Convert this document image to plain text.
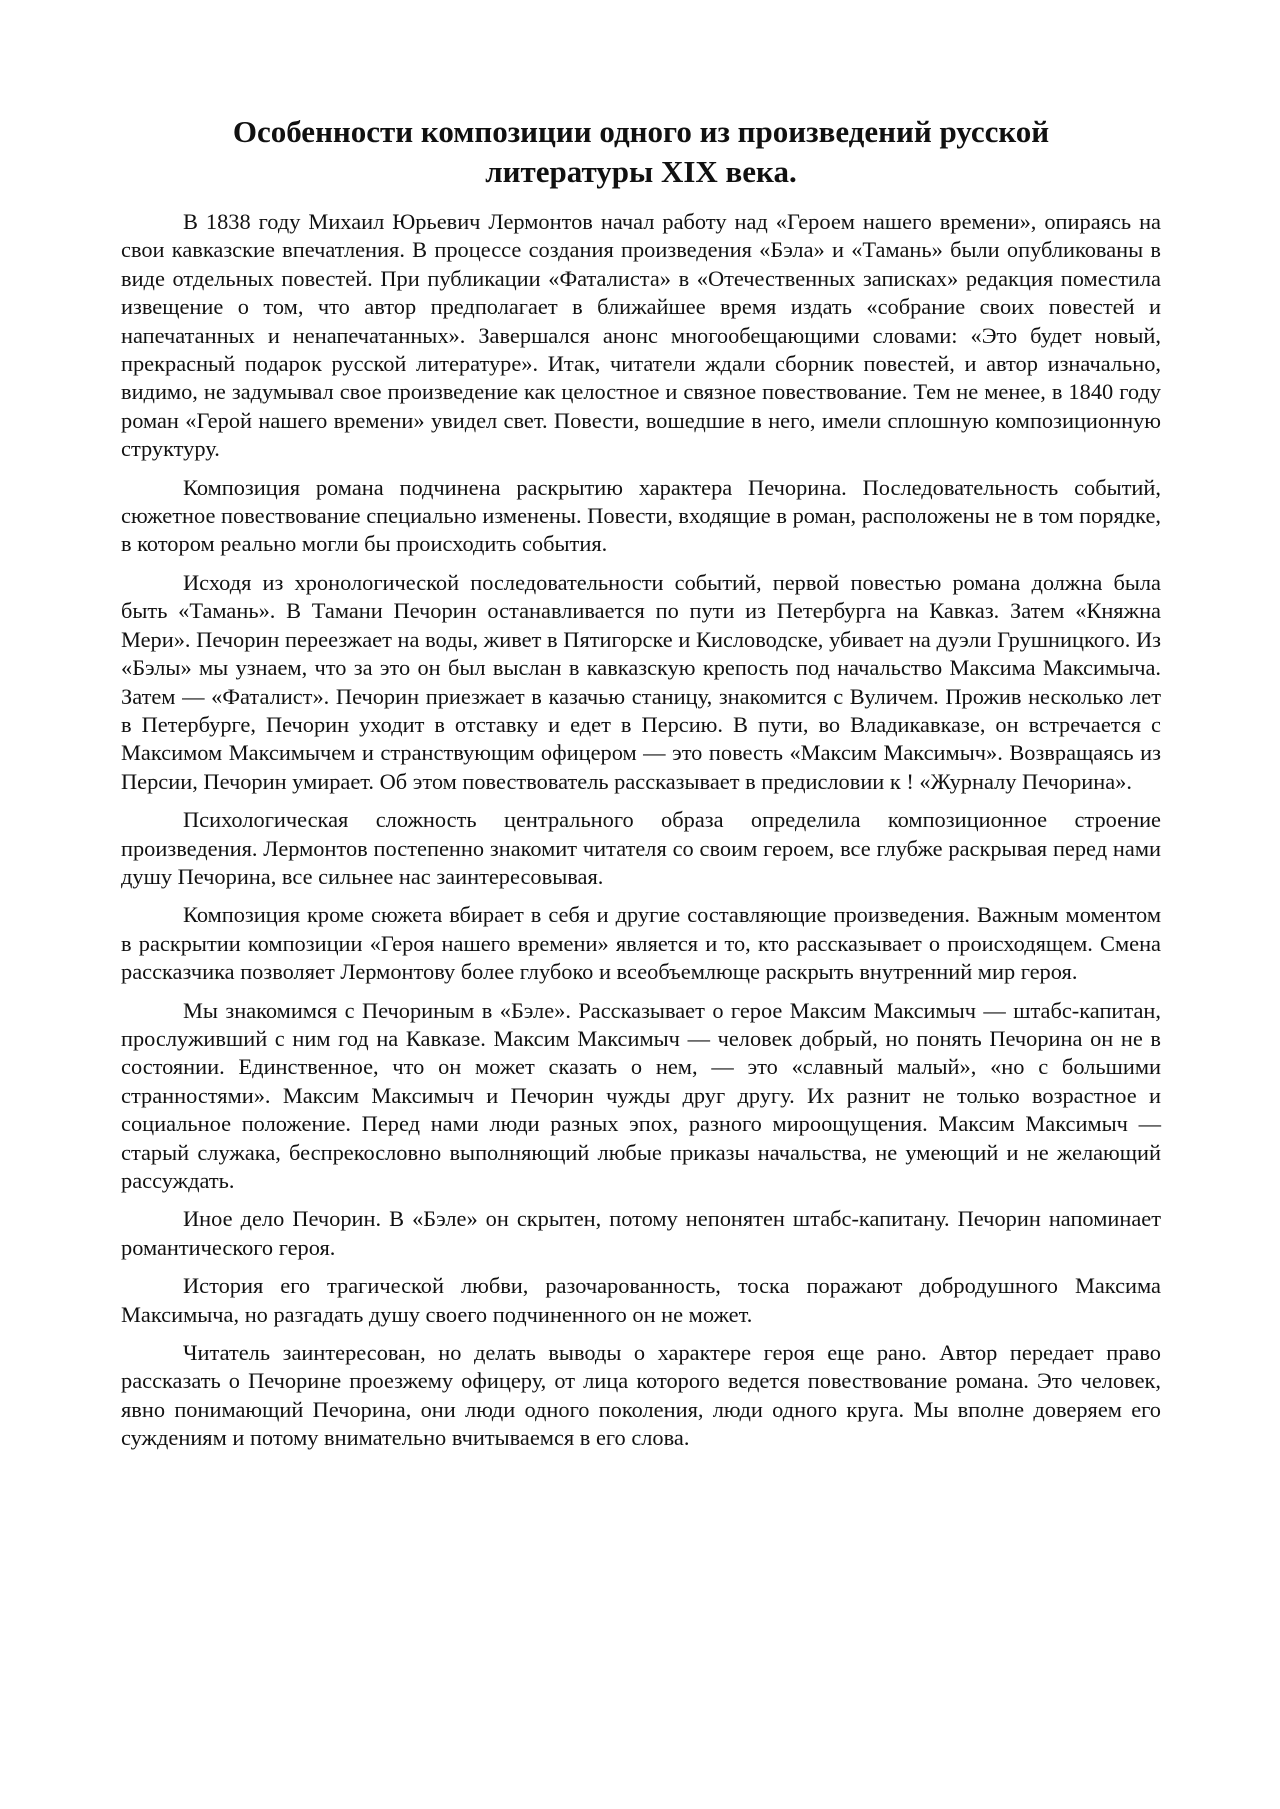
Особенности композиции одного из произведений русской
литературы XIX века.

В 1838 году Михаил Юрьевич Лермонтов начал работу над «Героем нашего времени», опираясь на свои кавказские впечатления. В процессе создания произведения «Бэла» и «Тамань» были опубликованы в виде отдельных повестей. При публикации «Фаталиста» в «Отечественных записках» редакция поместила извещение о том, что автор предполагает в ближайшее время издать «собрание своих повестей и напечатанных и ненапечатанных». Завершался анонс многообещающими словами: «Это будет новый, прекрасный подарок русской литературе». Итак, читатели ждали сборник повестей, и автор изначально, видимо, не задумывал свое произведение как целостное и связное повествование. Тем не менее, в 1840 году роман «Герой нашего времени» увидел свет. Повести, вошедшие в него, имели сплошную композиционную структуру.

Композиция романа подчинена раскрытию характера Печорина. Последовательность событий, сюжетное повествование специально изменены. Повести, входящие в роман, расположены не в том порядке, в котором реально могли бы происходить события.

Исходя из хронологической последовательности событий, первой повестью романа должна была быть «Тамань». В Тамани Печорин останавливается по пути из Петербурга на Кавказ. Затем «Княжна Мери». Печорин переезжает на воды, живет в Пятигорске и Кисловодске, убивает на дуэли Грушницкого. Из «Бэлы» мы узнаем, что за это он был выслан в кавказскую крепость под начальство Максима Максимыча. Затем — «Фаталист». Печорин приезжает в казачью станицу, знакомится с Вуличем. Прожив несколько лет в Петербурге, Печорин уходит в отставку и едет в Персию. В пути, во Владикавказе, он встречается с Максимом Максимычем и странствующим офицером — это повесть «Максим Максимыч». Возвращаясь из Персии, Печорин умирает. Об этом повествователь рассказывает в предисловии к ! «Журналу Печорина».

Психологическая сложность центрального образа определила композиционное строение произведения. Лермонтов постепенно знакомит читателя со своим героем, все глубже раскрывая перед нами душу Печорина, все сильнее нас заинтересовывая.

Композиция кроме сюжета вбирает в себя и другие составляющие произведения. Важным моментом в раскрытии композиции «Героя нашего времени» является и то, кто рассказывает о происходящем. Смена рассказчика позволяет Лермонтову более глубоко и всеобъемлюще раскрыть внутренний мир героя.

Мы знакомимся с Печориным в «Бэле». Рассказывает о герое Максим Максимыч — штабс-капитан, прослуживший с ним год на Кавказе. Максим Максимыч — человек добрый, но понять Печорина он не в состоянии. Единственное, что он может сказать о нем, — это «славный малый», «но с большими странностями». Максим Максимыч и Печорин чужды друг другу. Их разнит не только возрастное и социальное положение. Перед нами люди разных эпох, разного мироощущения. Максим Максимыч — старый служака, беспрекословно выполняющий любые приказы начальства, не умеющий и не желающий рассуждать.

Иное дело Печорин. В «Бэле» он скрытен, потому непонятен штабс-капитану. Печорин напоминает романтического героя.

История его трагической любви, разочарованность, тоска поражают добродушного Максима Максимыча, но разгадать душу своего подчиненного он не может.

Читатель заинтересован, но делать выводы о характере героя еще рано. Автор передает право рассказать о Печорине проезжему офицеру, от лица которого ведется повествование романа. Это человек, явно понимающий Печорина, они люди одного поколения, люди одного круга. Мы вполне доверяем его суждениям и потому внимательно вчитываемся в его слова.
